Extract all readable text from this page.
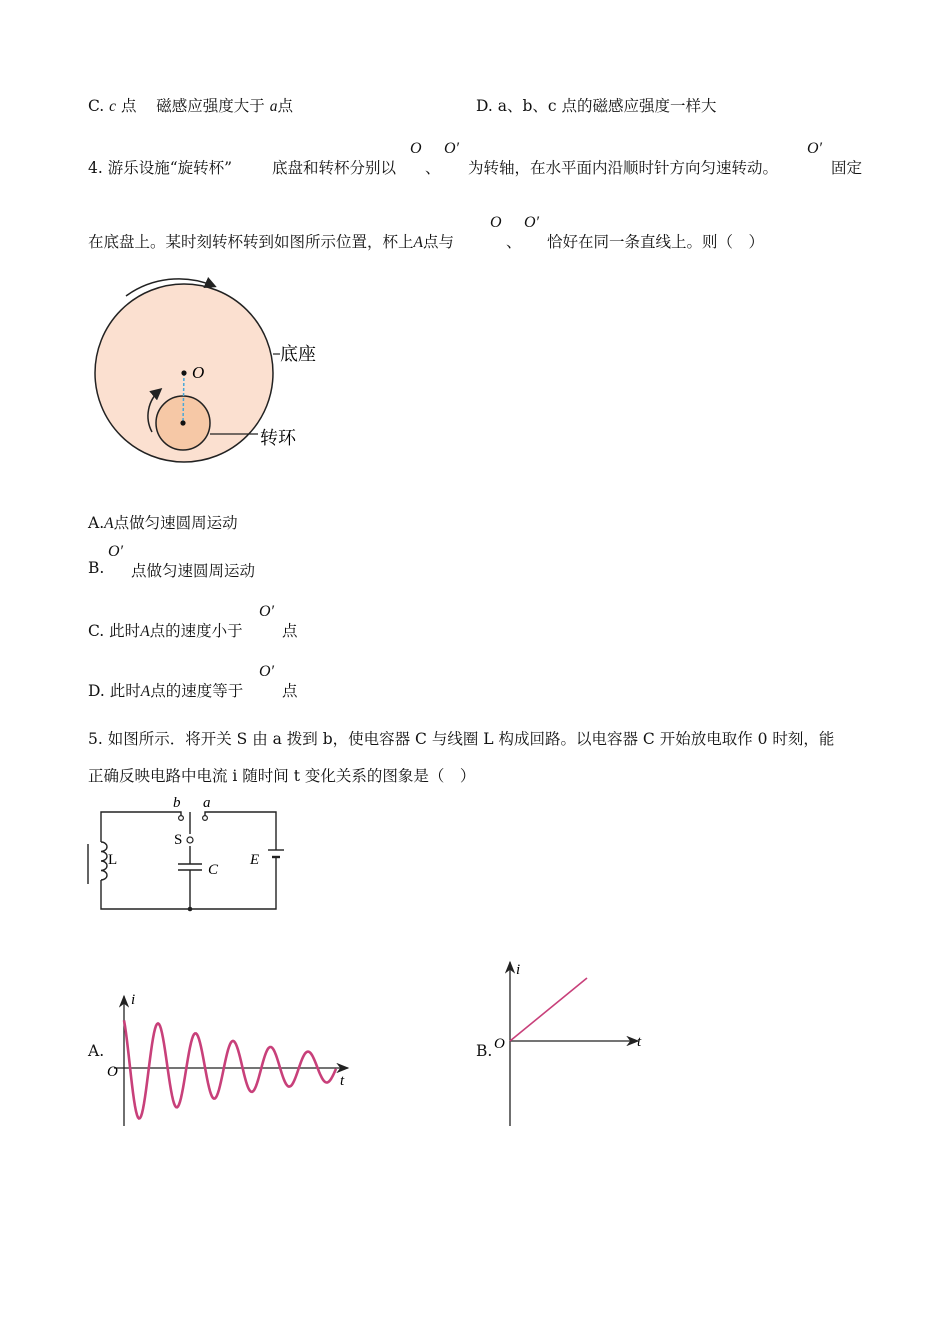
C. c 点 磁感应强度大于 a点	D. a、b、c 点的磁感应强度一样大
4. 游乐设施“旋转杯”
O
底盘和转杯分别以 、
O′
为转轴，在水平面内沿顺时针方向匀速转动。
O′
固定
在底盘上。某时刻转杯转到如图所示位置，杯上A点与
O
、
O′
恰好在同一条直线上。则（　）
O
底座
转环
A.A点做匀速圆周运动
B.
O′
点做匀速圆周运动
C. 此时A点的速度小于
O′
点
D. 此时A点的速度等于
O′
点
5. 如图所示．将开关 S 由 a 拨到 b，使电容器 C 与线圈 L 构成回路。以电容器 C 开始放电取作 0 时刻，能
正确反映电路中电流 i 随时间 t 变化关系的图象是（　）
b a
S
L
C
E
A.
i
t
O
B.
i
t
O
